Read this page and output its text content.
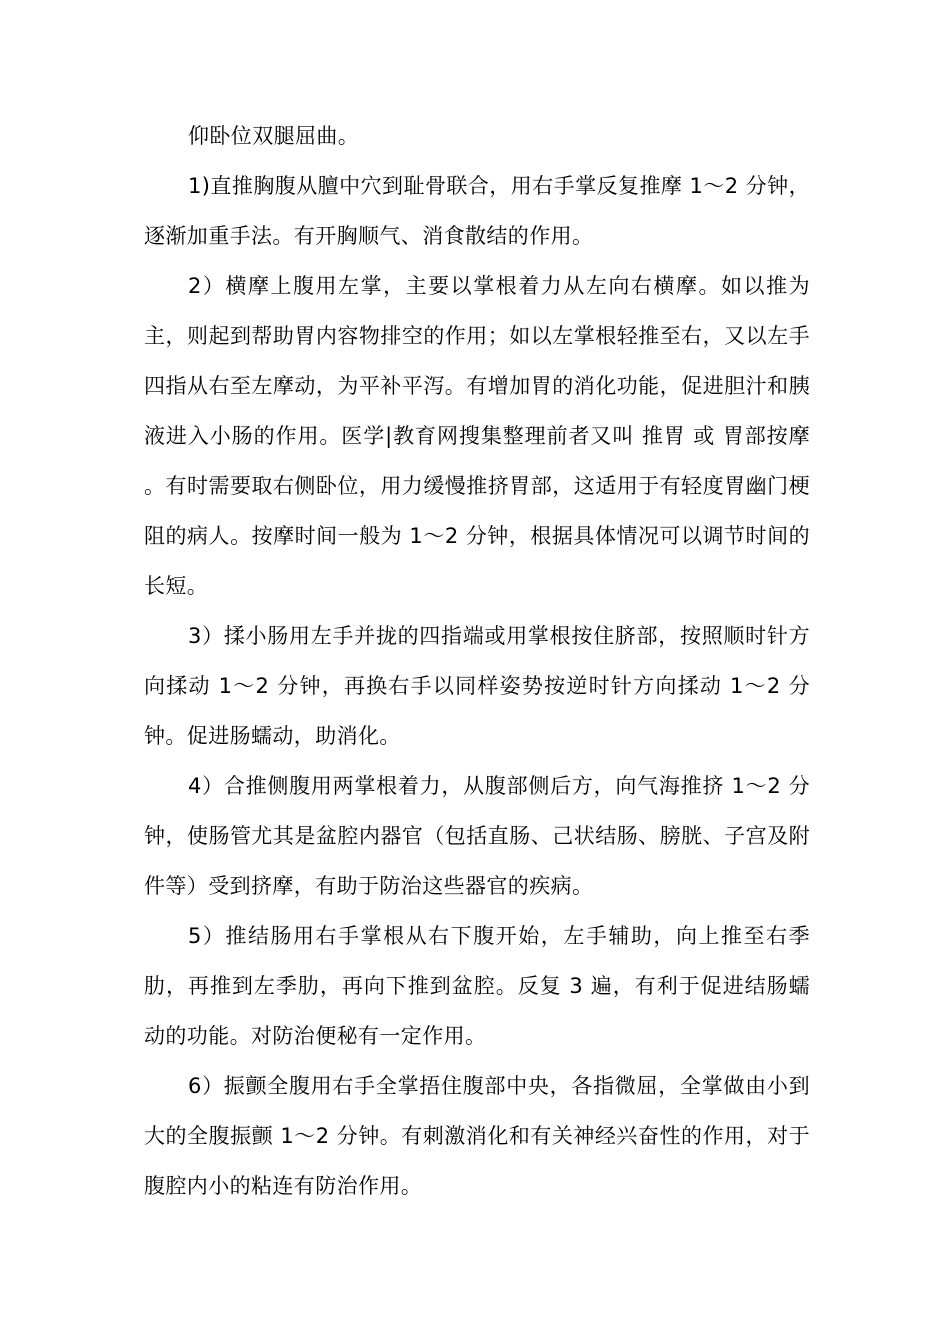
仰卧位双腿屈曲。

1)直推胸腹从膻中穴到耻骨联合，用右手掌反复推摩 1～2 分钟，逐渐加重手法。有开胸顺气、消食散结的作用。

2）横摩上腹用左掌，主要以掌根着力从左向右横摩。如以推为主，则起到帮助胃内容物排空的作用；如以左掌根轻推至右，又以左手四指从右至左摩动，为平补平泻。有增加胃的消化功能，促进胆汁和胰液进入小肠的作用。医学|教育网搜集整理前者又叫 推胃 或 胃部按摩 。有时需要取右侧卧位，用力缓慢推挤胃部，这适用于有轻度胃幽门梗阻的病人。按摩时间一般为 1～2 分钟，根据具体情况可以调节时间的长短。

3）揉小肠用左手并拢的四指端或用掌根按住脐部，按照顺时针方向揉动 1～2 分钟，再换右手以同样姿势按逆时针方向揉动 1～2 分钟。促进肠蠕动，助消化。

4）合推侧腹用两掌根着力，从腹部侧后方，向气海推挤 1～2 分钟，使肠管尤其是盆腔内器官（包括直肠、己状结肠、膀胱、子宫及附件等）受到挤摩，有助于防治这些器官的疾病。

5）推结肠用右手掌根从右下腹开始，左手辅助，向上推至右季肋，再推到左季肋，再向下推到盆腔。反复 3 遍，有利于促进结肠蠕动的功能。对防治便秘有一定作用。

6）振颤全腹用右手全掌捂住腹部中央，各指微屈，全掌做由小到大的全腹振颤 1～2 分钟。有刺激消化和有关神经兴奋性的作用，对于腹腔内小的粘连有防治作用。
